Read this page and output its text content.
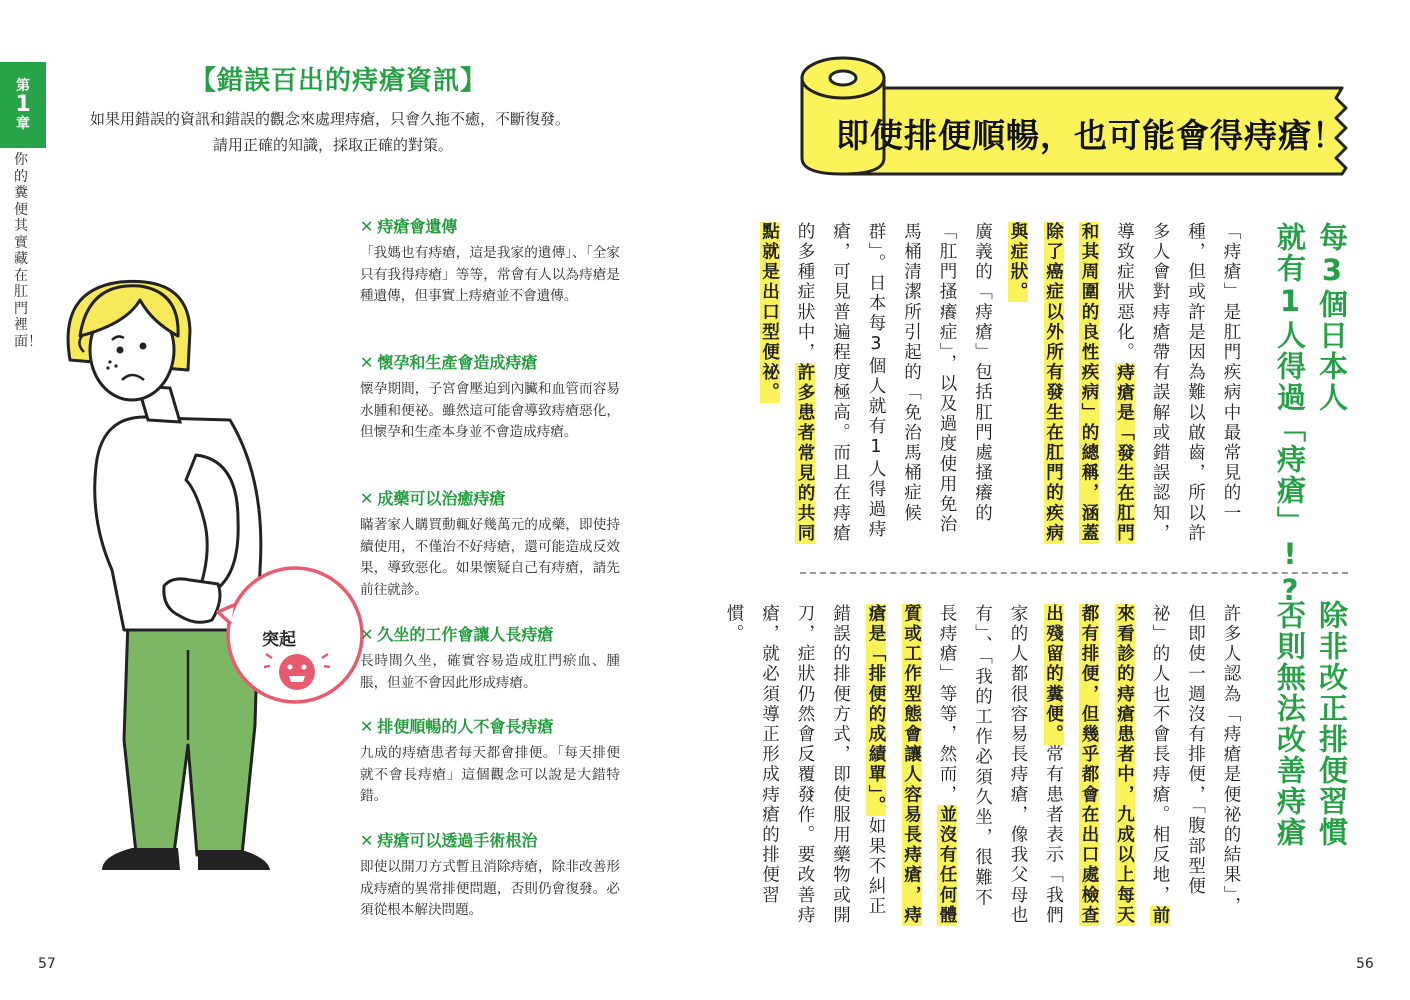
第
1
章
你的糞便其實藏在肛門裡面！
【錯誤百出的痔瘡資訊】
如果用錯誤的資訊和錯誤的觀念來處理痔瘡，只會久拖不癒，不斷復發。
請用正確的知識，採取正確的對策。
突起
✕ 痔瘡會遺傳

「我媽也有痔瘡，這是我家的遺傳」、「全家只有我得痔瘡」等等，常會有人以為痔瘡是種遺傳，但事實上痔瘡並不會遺傳。

✕ 懷孕和生產會造成痔瘡

懷孕期間，子宮會壓迫到內臟和血管而容易水腫和便祕。雖然這可能會導致痔瘡惡化，但懷孕和生產本身並不會造成痔瘡。

✕ 成藥可以治癒痔瘡

瞞著家人購買動輒好幾萬元的成藥，即使持續使用，不僅治不好痔瘡，還可能造成反效果，導致惡化。如果懷疑自己有痔瘡，請先前往就診。

✕ 久坐的工作會讓人長痔瘡

長時間久坐，確實容易造成肛門瘀血、腫脹，但並不會因此形成痔瘡。

✕ 排便順暢的人不會長痔瘡

九成的痔瘡患者每天都會排便。「每天排便就不會長痔瘡」這個觀念可以說是大錯特錯。

✕ 痔瘡可以透過手術根治

即使以開刀方式暫且消除痔瘡，除非改善形成痔瘡的異常排便問題，否則仍會復發。必須從根本解決問題。

57
即使排便順暢，也可能會得痔瘡！
每3個日本人
就有1人得過「痔瘡」!?
「痔瘡」是肛門疾病中最常見的一種，但或許是因為難以啟齒，所以許多人會對痔瘡帶有誤解或錯誤認知，導致症狀惡化。痔瘡是「發生在肛門和其周圍的良性疾病」的總稱，涵蓋除了癌症以外所有發生在肛門的疾病與症狀。
廣義的「痔瘡」包括肛門處搔癢的「肛門搔癢症」，以及過度使用免治馬桶清潔所引起的「免治馬桶症候群」。日本每3個人就有1人得過痔瘡，可見普遍程度極高。而且在痔瘡的多種症狀中，許多患者常見的共同點就是出口型便祕。
除非改正排便習慣
否則無法改善痔瘡
許多人認為「痔瘡是便祕的結果」，但即使一週沒有排便，「腹部型便祕」的人也不會長痔瘡。相反地，前來看診的痔瘡患者中，九成以上每天都有排便，但幾乎都會在出口處檢查出殘留的糞便。常有患者表示「我們家的人都很容易長痔瘡，像我父母也有」、「我的工作必須久坐，很難不長痔瘡」等等，然而，並沒有任何體質或工作型態會讓人容易長痔瘡，痔瘡是「排便的成績單」。如果不糾正錯誤的排便方式，即使服用藥物或開刀，症狀仍然會反覆發作。要改善痔瘡，就必須導正形成痔瘡的排便習慣。
56
